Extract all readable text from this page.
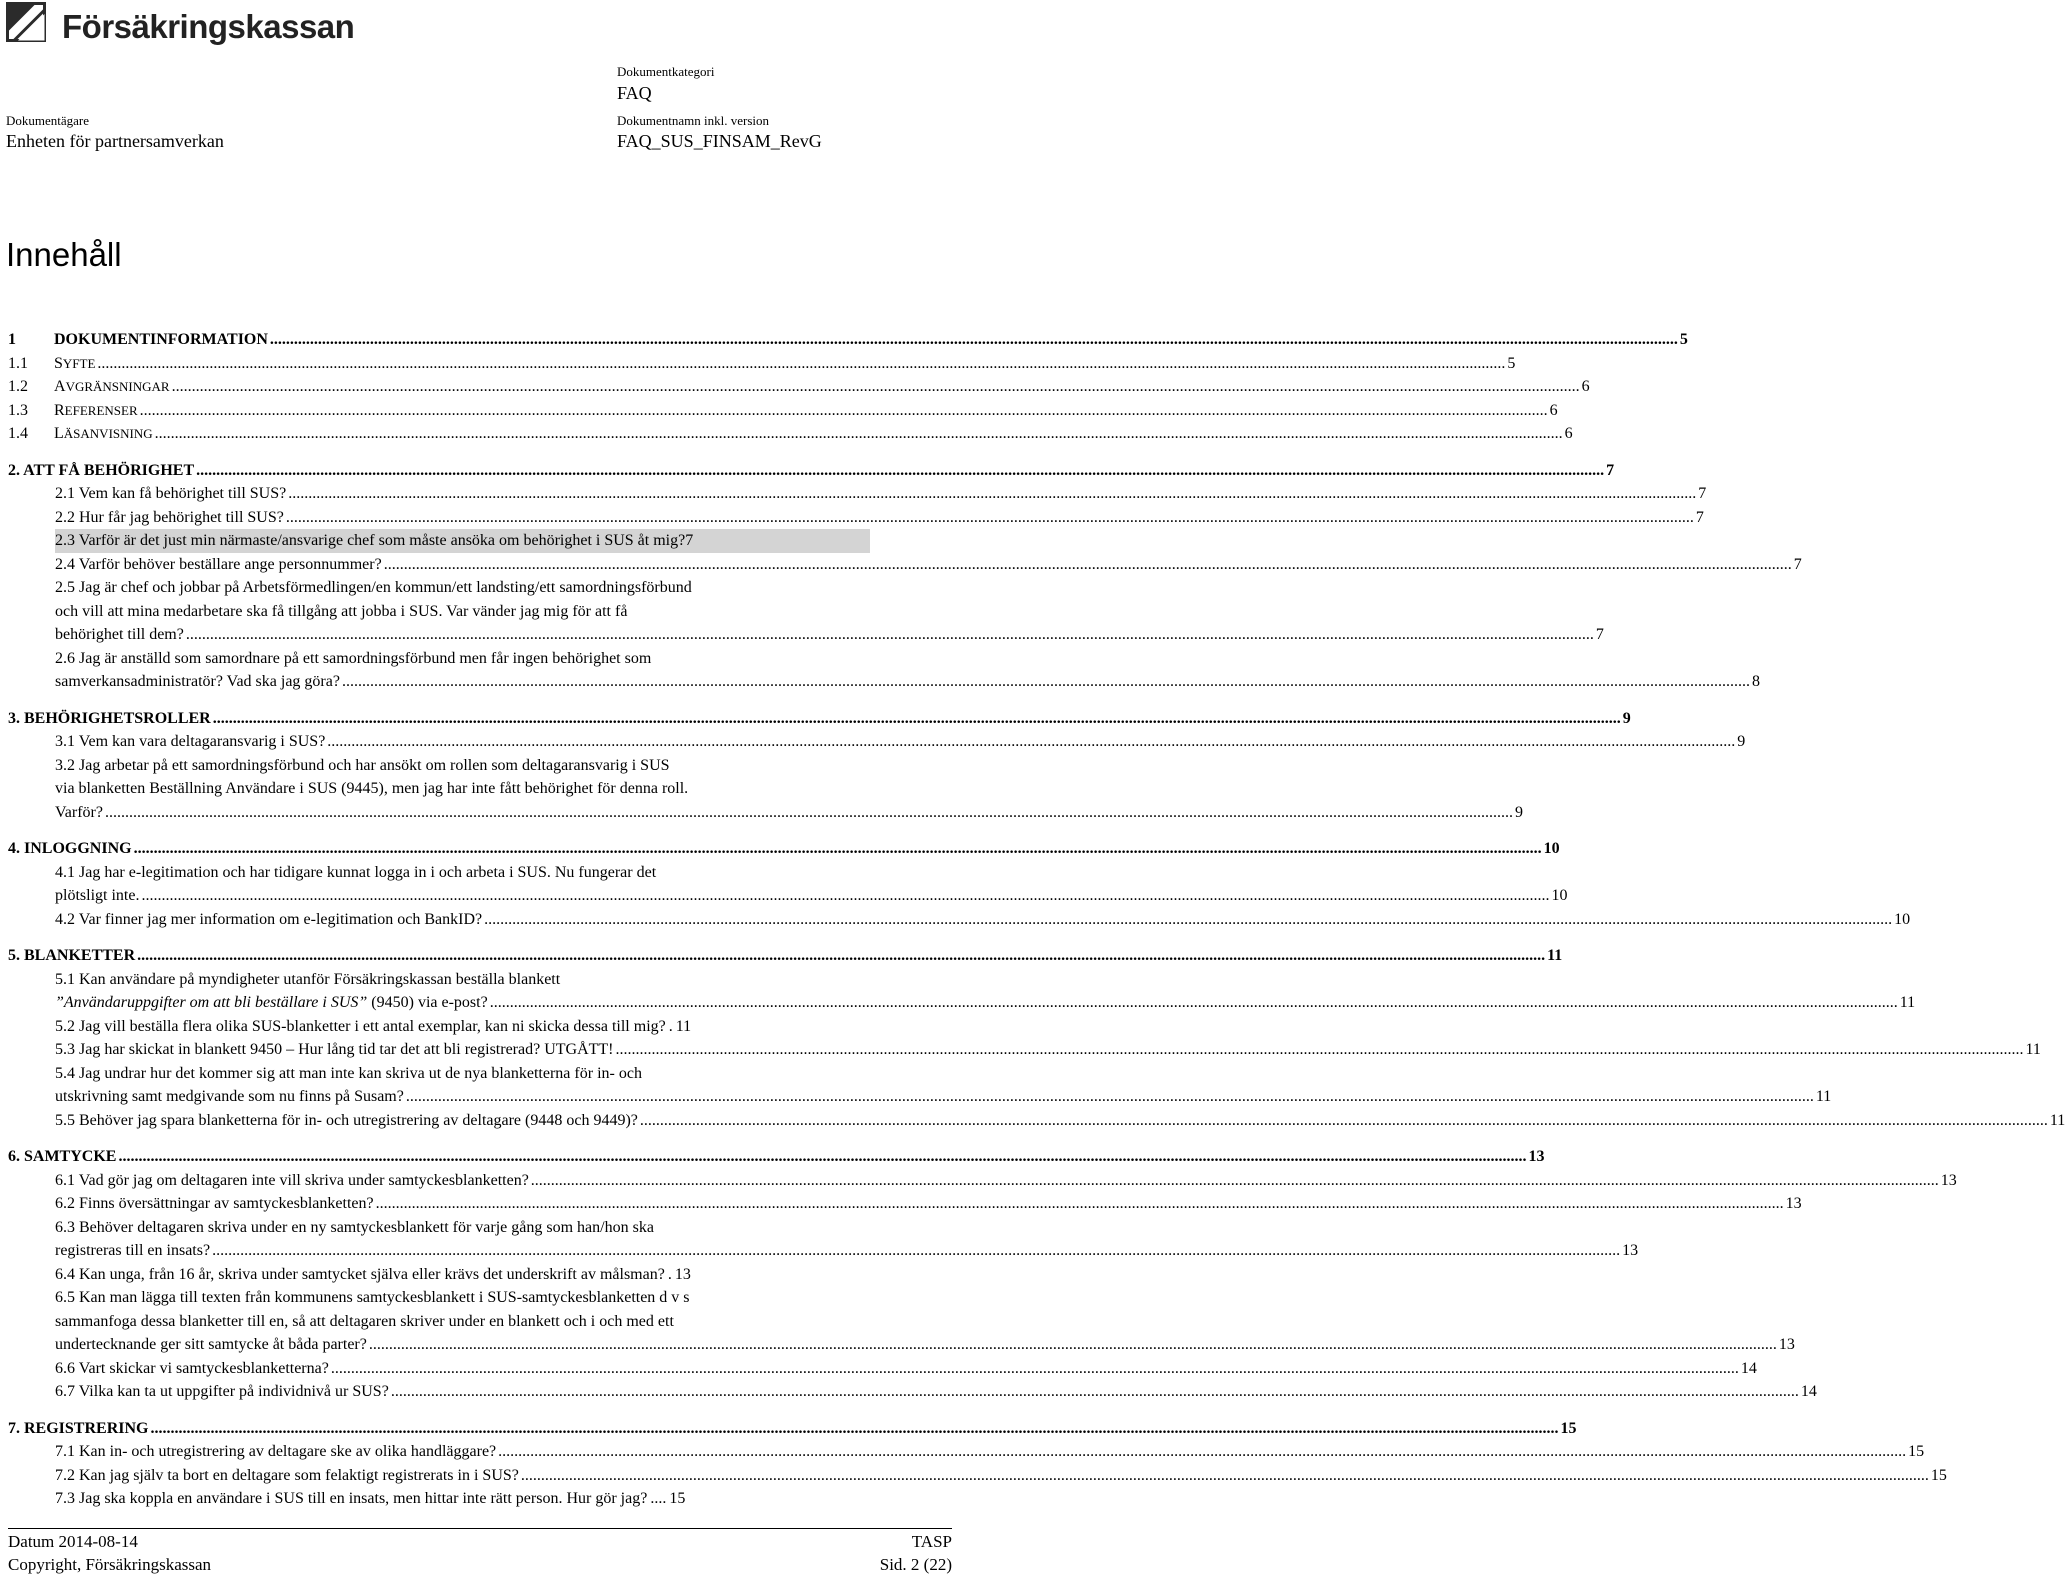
Försäkringskassan
Dokumentägare
Enheten för partnersamverkan
Dokumentkategori
FAQ
Dokumentnamn inkl. version
FAQ_SUS_FINSAM_RevG
Innehåll
1 DOKUMENTINFORMATION .....	5
1.1 SYFTE .....	5
1.2 AVGRÄNSNINGAR .....	6
1.3 REFERENSER .....	6
1.4 LÄSANVISNING .....	6
2. ATT FÅ BEHÖRIGHET .....	7
2.1 Vem kan få behörighet till SUS? .....	7
2.2 Hur får jag behörighet till SUS? .....	7
2.3 Varför är det just min närmaste/ansvarige chef som måste ansöka om behörighet i SUS åt mig? 7
2.4 Varför behöver beställare ange personnummer? .....	7
2.5 Jag är chef och jobbar på Arbetsförmedlingen/en kommun/ett landsting/ett samordningsförbund
och vill att mina medarbetare ska få tillgång att jobba i SUS. Var vänder jag mig för att få
behörighet till dem? .....	7
2.6 Jag är anställd som samordnare på ett samordningsförbund men får ingen behörighet som
samverkansadministratör? Vad ska jag göra? .....	8
3. BEHÖRIGHETSROLLER .....	9
3.1 Vem kan vara deltagaransvarig i SUS? .....	9
3.2 Jag arbetar på ett samordningsförbund och har ansökt om rollen som deltagaransvarig i SUS
via blanketten Beställning Användare i SUS (9445), men jag har inte fått behörighet för denna roll.
Varför? .....	9
4. INLOGGNING .....	10
4.1 Jag har e-legitimation och har tidigare kunnat logga in i och arbeta i SUS. Nu fungerar det
plötsligt inte. .....	10
4.2 Var finner jag mer information om e-legitimation och BankID? .....	10
5. BLANKETTER .....	11
5.1 Kan användare på myndigheter utanför Försäkringskassan beställa blankett
”Användaruppgifter om att bli beställare i SUS” (9450) via e-post? .....	11
5.2 Jag vill beställa flera olika SUS-blanketter i ett antal exemplar, kan ni skicka dessa till mig? . 11
5.3 Jag har skickat in blankett 9450 – Hur lång tid tar det att bli registrerad? UTGÅTT! .....	11
5.4 Jag undrar hur det kommer sig att man inte kan skriva ut de nya blanketterna för in- och
utskrivning samt medgivande som nu finns på Susam? .....	11
5.5 Behöver jag spara blanketterna för in- och utregistrering av deltagare (9448 och 9449)? .....	11
6. SAMTYCKE .....	13
6.1 Vad gör jag om deltagaren inte vill skriva under samtyckesblanketten? .....	13
6.2 Finns översättningar av samtyckesblanketten? .....	13
6.3 Behöver deltagaren skriva under en ny samtyckesblankett för varje gång som han/hon ska
registreras till en insats? .....	13
6.4 Kan unga, från 16 år, skriva under samtycket själva eller krävs det underskrift av målsman? . 13
6.5 Kan man lägga till texten från kommunens samtyckesblankett i SUS-samtyckesblanketten d v s
sammanfoga dessa blanketter till en, så att deltagaren skriver under en blankett och i och med ett
undertecknande ger sitt samtycke åt båda parter? .....	13
6.6 Vart skickar vi samtyckesblanketterna? .....	14
6.7 Vilka kan ta ut uppgifter på individnivå ur SUS? .....	14
7. REGISTRERING .....	15
7.1 Kan in- och utregistrering av deltagare ske av olika handläggare? .....	15
7.2 Kan jag själv ta bort en deltagare som felaktigt registrerats in i SUS? .....	15
7.3 Jag ska koppla en användare i SUS till en insats, men hittar inte rätt person. Hur gör jag? .... 15
Datum 2014-08-14
Copyright, Försäkringskassan
TASP
Sid. 2 (22)
